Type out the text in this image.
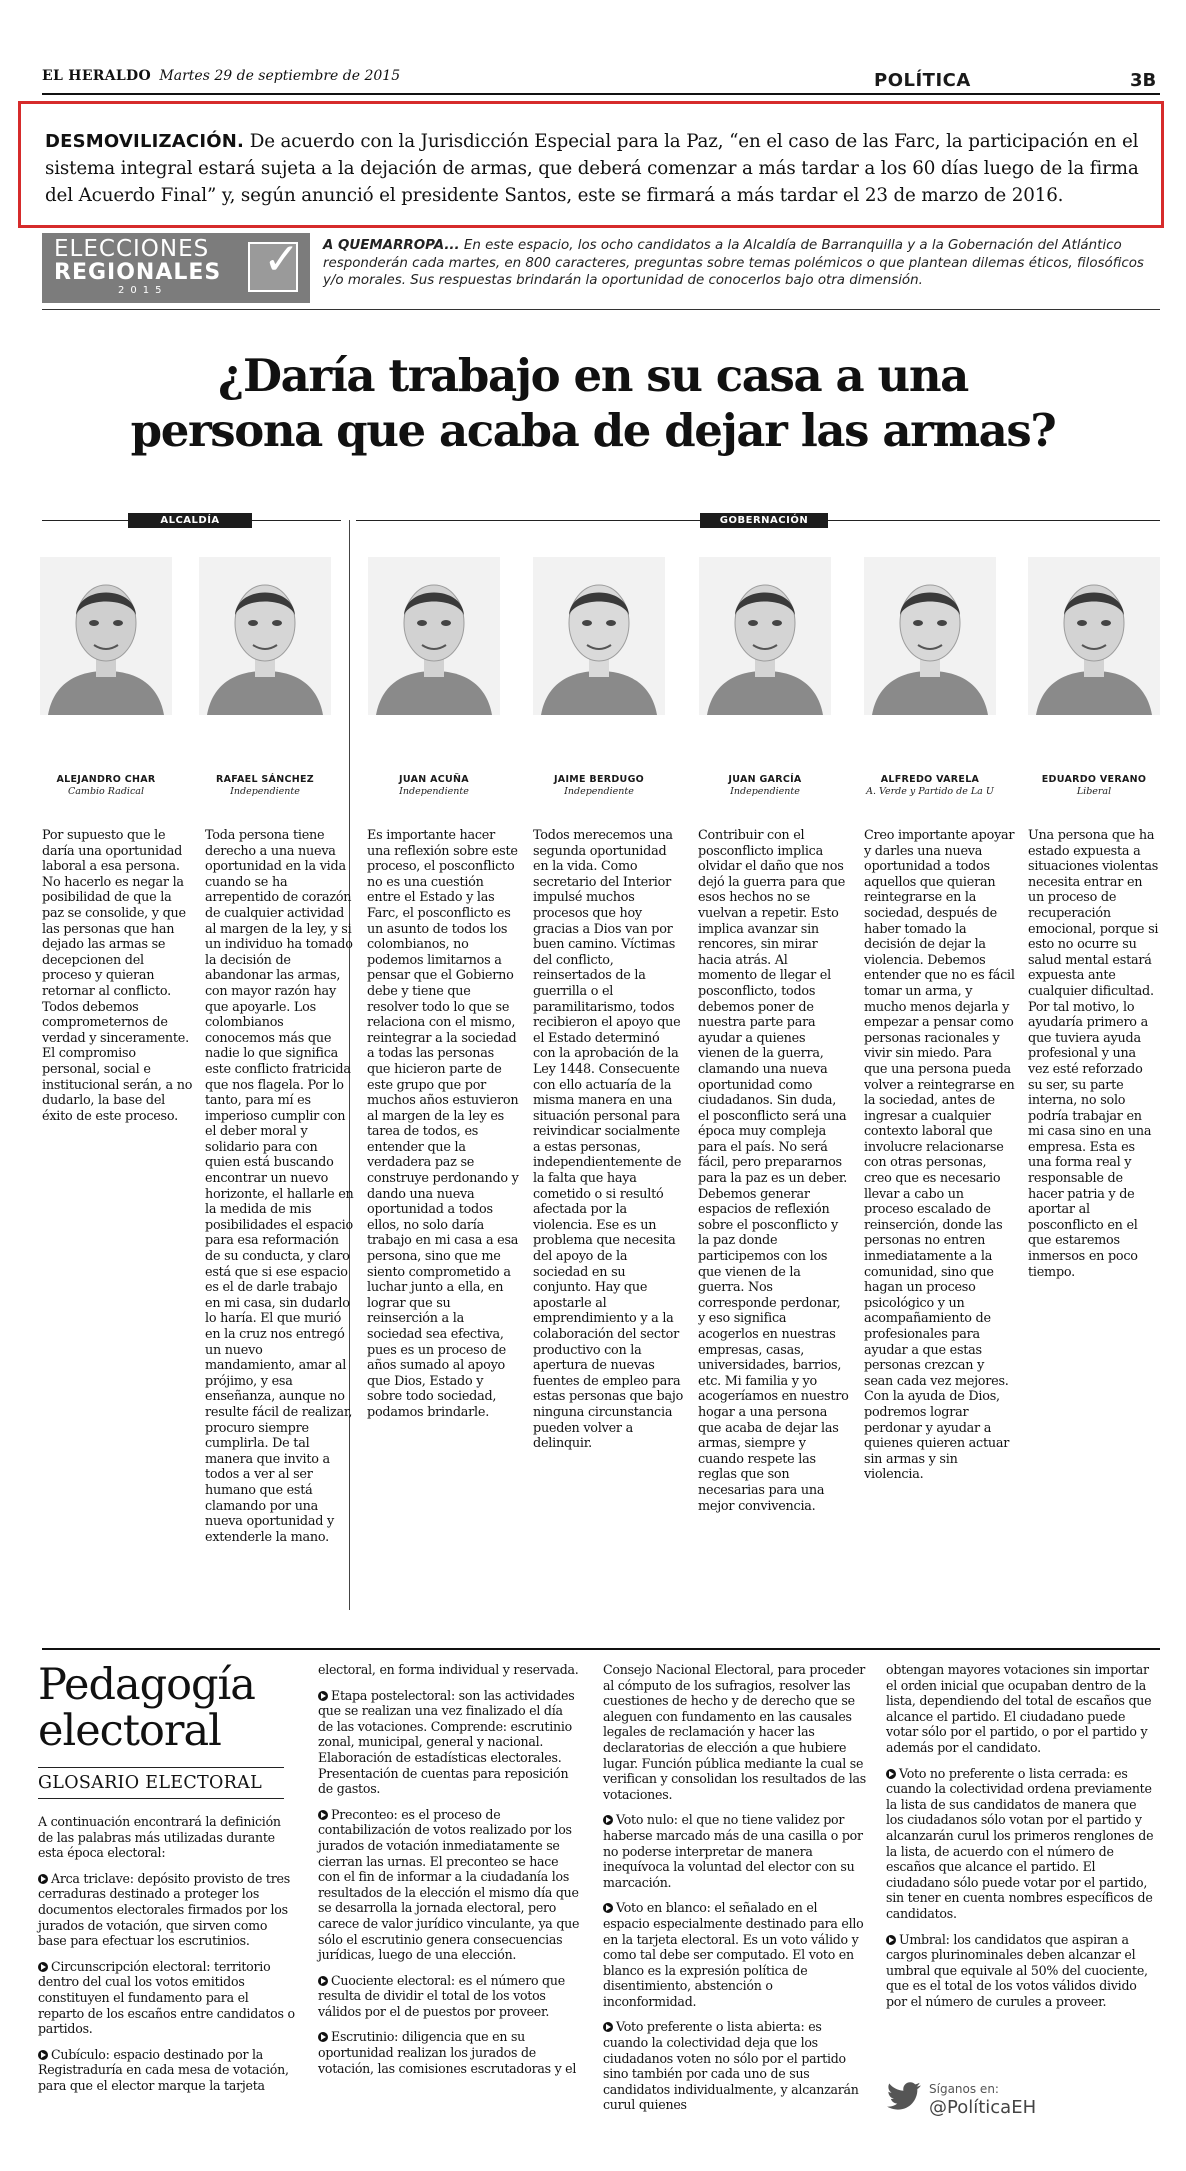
EL HERALDO Martes 29 de septiembre de 2015	POLÍTICA	3B

DESMOVILIZACIÓN. De acuerdo con la Jurisdicción Especial para la Paz, “en el caso de las Farc, la participación en el sistema integral estará sujeta a la dejación de armas, que deberá comenzar a más tardar a los 60 días luego de la firma del Acuerdo Final” y, según anunció el presidente Santos, este se firmará a más tardar el 23 de marzo de 2016.

ELECCIONES
REGIONALES
2015
✓ A QUEMARROPA... En este espacio, los ocho candidatos a la Alcaldía de Barranquilla y a la Gobernación del Atlántico responderán cada martes, en 800 caracteres, preguntas sobre temas polémicos o que plantean dilemas éticos, filosóficos y/o morales. Sus respuestas brindarán la oportunidad de conocerlos bajo otra dimensión.
¿Daría trabajo en su casa a una
persona que acaba de dejar las armas?
ALCALDÍA	GOBERNACIÓN
ALEJANDRO CHAR
Cambio Radical
Por supuesto que le daría una oportunidad laboral a esa persona. No hacerlo es negar la posibilidad de que la paz se consolide, y que las personas que han dejado las armas se decepcionen del proceso y quieran retornar al conflicto. Todos debemos comprometernos de verdad y sinceramente. El compromiso personal, social e institucional serán, a no dudarlo, la base del éxito de este proceso.
RAFAEL SÁNCHEZ
Independiente
Toda persona tiene derecho a una nueva oportunidad en la vida cuando se ha arrepentido de corazón de cualquier actividad al margen de la ley, y si un individuo ha tomado la decisión de abandonar las armas, con mayor razón hay que apoyarle. Los colombianos conocemos más que nadie lo que significa este conflicto fratricida que nos flagela. Por lo tanto, para mí es imperioso cumplir con el deber moral y solidario para con quien está buscando encontrar un nuevo horizonte, el hallarle en la medida de mis posibilidades el espacio para esa reformación de su conducta, y claro está que si ese espacio es el de darle trabajo en mi casa, sin dudarlo lo haría. El que murió en la cruz nos entregó un nuevo mandamiento, amar al prójimo, y esa enseñanza, aunque no resulte fácil de realizar, procuro siempre cumplirla. De tal manera que invito a todos a ver al ser humano que está clamando por una nueva oportunidad y extenderle la mano.
JUAN ACUÑA
Independiente
Es importante hacer una reflexión sobre este proceso, el posconflicto no es una cuestión entre el Estado y las Farc, el posconflicto es un asunto de todos los colombianos, no podemos limitarnos a pensar que el Gobierno debe y tiene que resolver todo lo que se relaciona con el mismo, reintegrar a la sociedad a todas las personas que hicieron parte de este grupo que por muchos años estuvieron al margen de la ley es tarea de todos, es entender que la verdadera paz se construye perdonando y dando una nueva oportunidad a todos ellos, no solo daría trabajo en mi casa a esa persona, sino que me siento comprometido a luchar junto a ella, en lograr que su reinserción a la sociedad sea efectiva, pues es un proceso de años sumado al apoyo que Dios, Estado y sobre todo sociedad, podamos brindarle.
JAIME BERDUGO
Independiente
Todos merecemos una segunda oportunidad en la vida. Como secretario del Interior impulsé muchos procesos que hoy gracias a Dios van por buen camino. Víctimas del conflicto, reinsertados de la guerrilla o el paramilitarismo, todos recibieron el apoyo que el Estado determinó con la aprobación de la Ley 1448. Consecuente con ello actuaría de la misma manera en una situación personal para reivindicar socialmente a estas personas, independientemente de la falta que haya cometido o si resultó afectada por la violencia. Ese es un problema que necesita del apoyo de la sociedad en su conjunto. Hay que apostarle al emprendimiento y a la colaboración del sector productivo con la apertura de nuevas fuentes de empleo para estas personas que bajo ninguna circunstancia pueden volver a delinquir.
JUAN GARCÍA
Independiente
Contribuir con el posconflicto implica olvidar el daño que nos dejó la guerra para que esos hechos no se vuelvan a repetir. Esto implica avanzar sin rencores, sin mirar hacia atrás. Al momento de llegar el posconflicto, todos debemos poner de nuestra parte para ayudar a quienes vienen de la guerra, clamando una nueva oportunidad como ciudadanos. Sin duda, el posconflicto será una época muy compleja para el país. No será fácil, pero prepararnos para la paz es un deber. Debemos generar espacios de reflexión sobre el posconflicto y la paz donde participemos con los que vienen de la guerra. Nos corresponde perdonar, y eso significa acogerlos en nuestras empresas, casas, universidades, barrios, etc. Mi familia y yo acogeríamos en nuestro hogar a una persona que acaba de dejar las armas, siempre y cuando respete las reglas que son necesarias para una mejor convivencia.
ALFREDO VARELA
A. Verde y Partido de La U
Creo importante apoyar y darles una nueva oportunidad a todos aquellos que quieran reintegrarse en la sociedad, después de haber tomado la decisión de dejar la violencia. Debemos entender que no es fácil tomar un arma, y mucho menos dejarla y empezar a pensar como personas racionales y vivir sin miedo. Para que una persona pueda volver a reintegrarse en la sociedad, antes de ingresar a cualquier contexto laboral que involucre relacionarse con otras personas, creo que es necesario llevar a cabo un proceso escalado de reinserción, donde las personas no entren inmediatamente a la comunidad, sino que hagan un proceso psicológico y un acompañamiento de profesionales para ayudar a que estas personas crezcan y sean cada vez mejores. Con la ayuda de Dios, podremos lograr perdonar y ayudar a quienes quieren actuar sin armas y sin violencia.
EDUARDO VERANO
Liberal
Una persona que ha estado expuesta a situaciones violentas necesita entrar en un proceso de recuperación emocional, porque si esto no ocurre su salud mental estará expuesta ante cualquier dificultad. Por tal motivo, lo ayudaría primero a que tuviera ayuda profesional y una vez esté reforzado su ser, su parte interna, no solo podría trabajar en mi casa sino en una empresa. Esta es una forma real y responsable de hacer patria y de aportar al posconflicto en el que estaremos inmersos en poco tiempo.
Pedagogía
electoral
GLOSARIO ELECTORAL

A continuación encontrará la definición de las palabras más utilizadas durante esta época electoral:

Arca triclave: depósito provisto de tres cerraduras destinado a proteger los documentos electorales firmados por los jurados de votación, que sirven como base para efectuar los escrutinios.

Circunscripción electoral: territorio dentro del cual los votos emitidos constituyen el fundamento para el reparto de los escaños entre candidatos o partidos.

Cubículo: espacio destinado por la Registraduría en cada mesa de votación, para que el elector marque la tarjeta

electoral, en forma individual y reservada.

Etapa postelectoral: son las actividades que se realizan una vez finalizado el día de las votaciones. Comprende: escrutinio zonal, municipal, general y nacional. Elaboración de estadísticas electorales. Presentación de cuentas para reposición de gastos.

Preconteo: es el proceso de contabilización de votos realizado por los jurados de votación inmediatamente se cierran las urnas. El preconteo se hace con el fin de informar a la ciudadanía los resultados de la elección el mismo día que se desarrolla la jornada electoral, pero carece de valor jurídico vinculante, ya que sólo el escrutinio genera consecuencias jurídicas, luego de una elección.

Cuociente electoral: es el número que resulta de dividir el total de los votos válidos por el de puestos por proveer.

Escrutinio: diligencia que en su oportunidad realizan los jurados de votación, las comisiones escrutadoras y el

Consejo Nacional Electoral, para proceder al cómputo de los sufragios, resolver las cuestiones de hecho y de derecho que se aleguen con fundamento en las causales legales de reclamación y hacer las declaratorias de elección a que hubiere lugar. Función pública mediante la cual se verifican y consolidan los resultados de las votaciones.

Voto nulo: el que no tiene validez por haberse marcado más de una casilla o por no poderse interpretar de manera inequívoca la voluntad del elector con su marcación.

Voto en blanco: el señalado en el espacio especialmente destinado para ello en la tarjeta electoral. Es un voto válido y como tal debe ser computado. El voto en blanco es la expresión política de disentimiento, abstención o inconformidad.

Voto preferente o lista abierta: es cuando la colectividad deja que los ciudadanos voten no sólo por el partido sino también por cada uno de sus candidatos individualmente, y alcanzarán curul quienes

obtengan mayores votaciones sin importar el orden inicial que ocupaban dentro de la lista, dependiendo del total de escaños que alcance el partido. El ciudadano puede votar sólo por el partido, o por el partido y además por el candidato.

Voto no preferente o lista cerrada: es cuando la colectividad ordena previamente la lista de sus candidatos de manera que los ciudadanos sólo votan por el partido y alcanzarán curul los primeros renglones de la lista, de acuerdo con el número de escaños que alcance el partido. El ciudadano sólo puede votar por el partido, sin tener en cuenta nombres específicos de candidatos.

Umbral: los candidatos que aspiran a cargos plurinominales deben alcanzar el umbral que equivale al 50% del cuociente, que es el total de los votos válidos divido por el número de curules a proveer.

Síganos en:
@PolíticaEH
